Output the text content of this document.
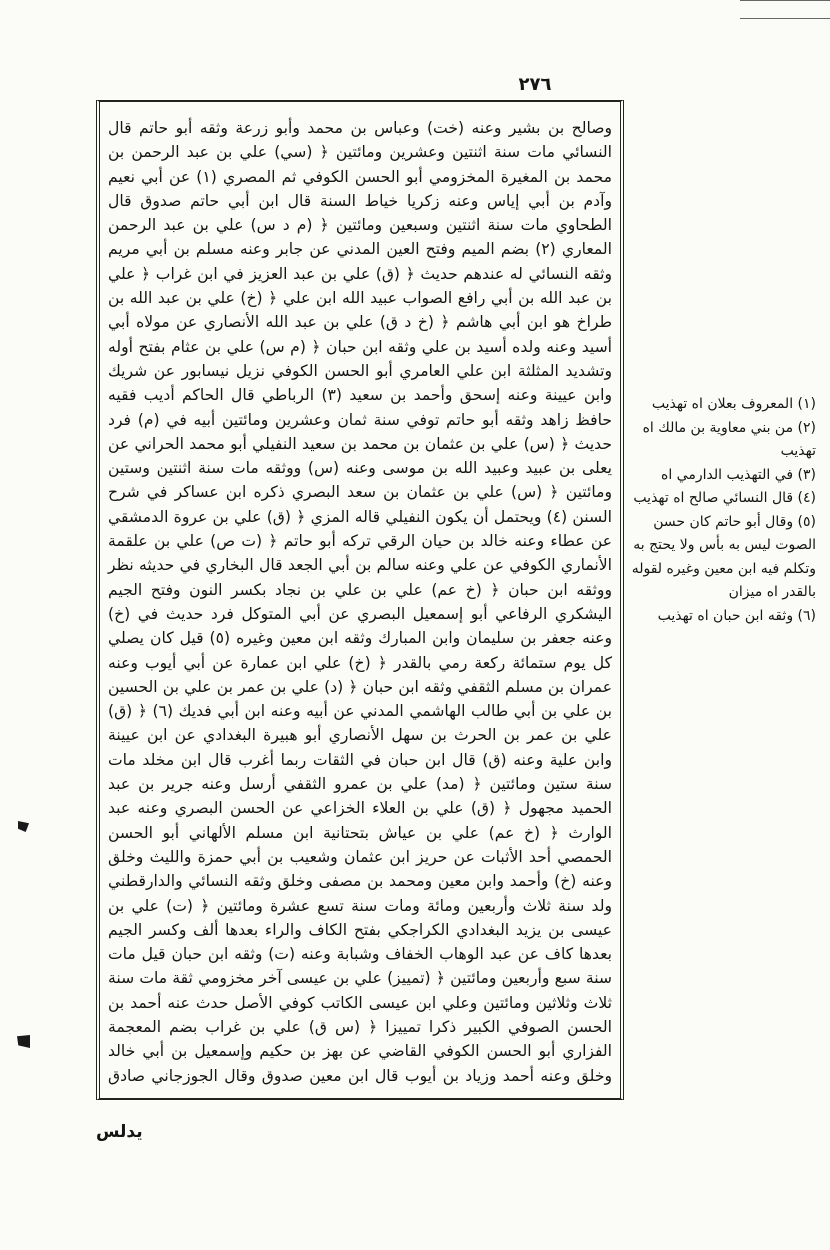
٢٧٦

وصالح بن بشير وعنه (خت) وعباس بن محمد وأبو زرعة وثقه أبو حاتم قال النسائي مات سنة اثنتين وعشرين ومائتين ﴿ (سي) علي بن عبد الرحمن بن محمد بن المغيرة المخزومي أبو الحسن الكوفي ثم المصري (١) عن أبي نعيم وآدم بن أبي إياس وعنه زكريا خياط السنة قال ابن أبي حاتم صدوق قال الطحاوي مات سنة اثنتين وسبعين ومائتين ﴿ (م د س) علي بن عبد الرحمن المعاري (٢) بضم الميم وفتح العين المدني عن جابر وعنه مسلم بن أبي مريم وثقه النسائي له عندهم حديث ﴿ (ق) علي بن عبد العزيز في ابن غراب ﴿ علي بن عبد الله بن أبي رافع الصواب عبيد الله ابن علي ﴿ (خ) علي بن عبد الله بن طراخ هو ابن أبي هاشم ﴿ (خ د ق) علي بن عبد الله الأنصاري عن مولاه أبي أسيد وعنه ولده أسيد بن علي وثقه ابن حبان ﴿ (م س) علي بن عثام بفتح أوله وتشديد المثلثة ابن علي العامري أبو الحسن الكوفي نزيل نيسابور عن شريك وابن عيينة وعنه إسحق وأحمد بن سعيد (٣) الرباطي قال الحاكم أديب فقيه حافظ زاهد وثقه أبو حاتم توفي سنة ثمان وعشرين ومائتين أبيه في (م) فرد حديث ﴿ (س) علي بن عثمان بن محمد بن سعيد النفيلي أبو محمد الحراني عن يعلى بن عبيد وعبيد الله بن موسى وعنه (س) ووثقه مات سنة اثنتين وستين ومائتين ﴿ (س) علي بن عثمان بن سعد البصري ذكره ابن عساكر في شرح السنن (٤) ويحتمل أن يكون النفيلي قاله المزي ﴿ (ق) علي بن عروة الدمشقي عن عطاء وعنه خالد بن حيان الرقي تركه أبو حاتم ﴿ (ت ص) علي بن علقمة الأنماري الكوفي عن علي وعنه سالم بن أبي الجعد قال البخاري في حديثه نظر ووثقه ابن حبان ﴿ (خ عم) علي بن علي بن نجاد بكسر النون وفتح الجيم اليشكري الرفاعي أبو إسمعيل البصري عن أبي المتوكل فرد حديث في (خ) وعنه جعفر بن سليمان وابن المبارك وثقه ابن معين وغيره (٥) قيل كان يصلي كل يوم ستمائة ركعة رمي بالقدر ﴿ (خ) علي ابن عمارة عن أبي أيوب وعنه عمران بن مسلم الثقفي وثقه ابن حبان ﴿ (د) علي بن عمر بن علي بن الحسين بن علي بن أبي طالب الهاشمي المدني عن أبيه وعنه ابن أبي فديك (٦) ﴿ (ق) علي بن عمر بن الحرث بن سهل الأنصاري أبو هبيرة البغدادي عن ابن عيينة وابن علية وعنه (ق) قال ابن حبان في الثقات ربما أغرب قال ابن مخلد مات سنة ستين ومائتين ﴿ (مد) علي بن عمرو الثقفي أرسل وعنه جرير بن عبد الحميد مجهول ﴿ (ق) علي بن العلاء الخزاعي عن الحسن البصري وعنه عبد الوارث ﴿ (خ عم) علي بن عياش بتحتانية ابن مسلم الألهاني أبو الحسن الحمصي أحد الأثبات عن حريز ابن عثمان وشعيب بن أبي حمزة والليث وخلق وعنه (خ) وأحمد وابن معين ومحمد بن مصفى وخلق وثقه النسائي والدارقطني ولد سنة ثلاث وأربعين ومائة ومات سنة تسع عشرة ومائتين ﴿ (ت) علي بن عيسى بن يزيد البغدادي الكراجكي بفتح الكاف والراء بعدها ألف وكسر الجيم بعدها كاف عن عبد الوهاب الخفاف وشبابة وعنه (ت) وثقه ابن حبان قيل مات سنة سبع وأربعين ومائتين ﴿ (تمييز) علي بن عيسى آخر مخزومي ثقة مات سنة ثلاث وثلاثين ومائتين وعلي ابن عيسى الكاتب كوفي الأصل حدث عنه أحمد بن الحسن الصوفي الكبير ذكرا تمييزا ﴿ (س ق) علي بن غراب بضم المعجمة الفزاري أبو الحسن الكوفي القاضي عن بهز بن حكيم وإسمعيل بن أبي خالد وخلق وعنه أحمد وزياد بن أيوب قال ابن معين صدوق وقال الجوزجاني صادق

(١) المعروف بعلان اه تهذيب

(٢) من بني معاوية بن مالك اه تهذيب

(٣) في التهذيب الدارمي اه

(٤) قال النسائي صالح اه تهذيب

(٥) وقال أبو حاتم كان حسن الصوت ليس به بأس ولا يحتج به وتكلم فيه ابن معين وغيره لقوله بالقدر اه ميزان

(٦) وثقه ابن حبان اه تهذيب

يدلس
